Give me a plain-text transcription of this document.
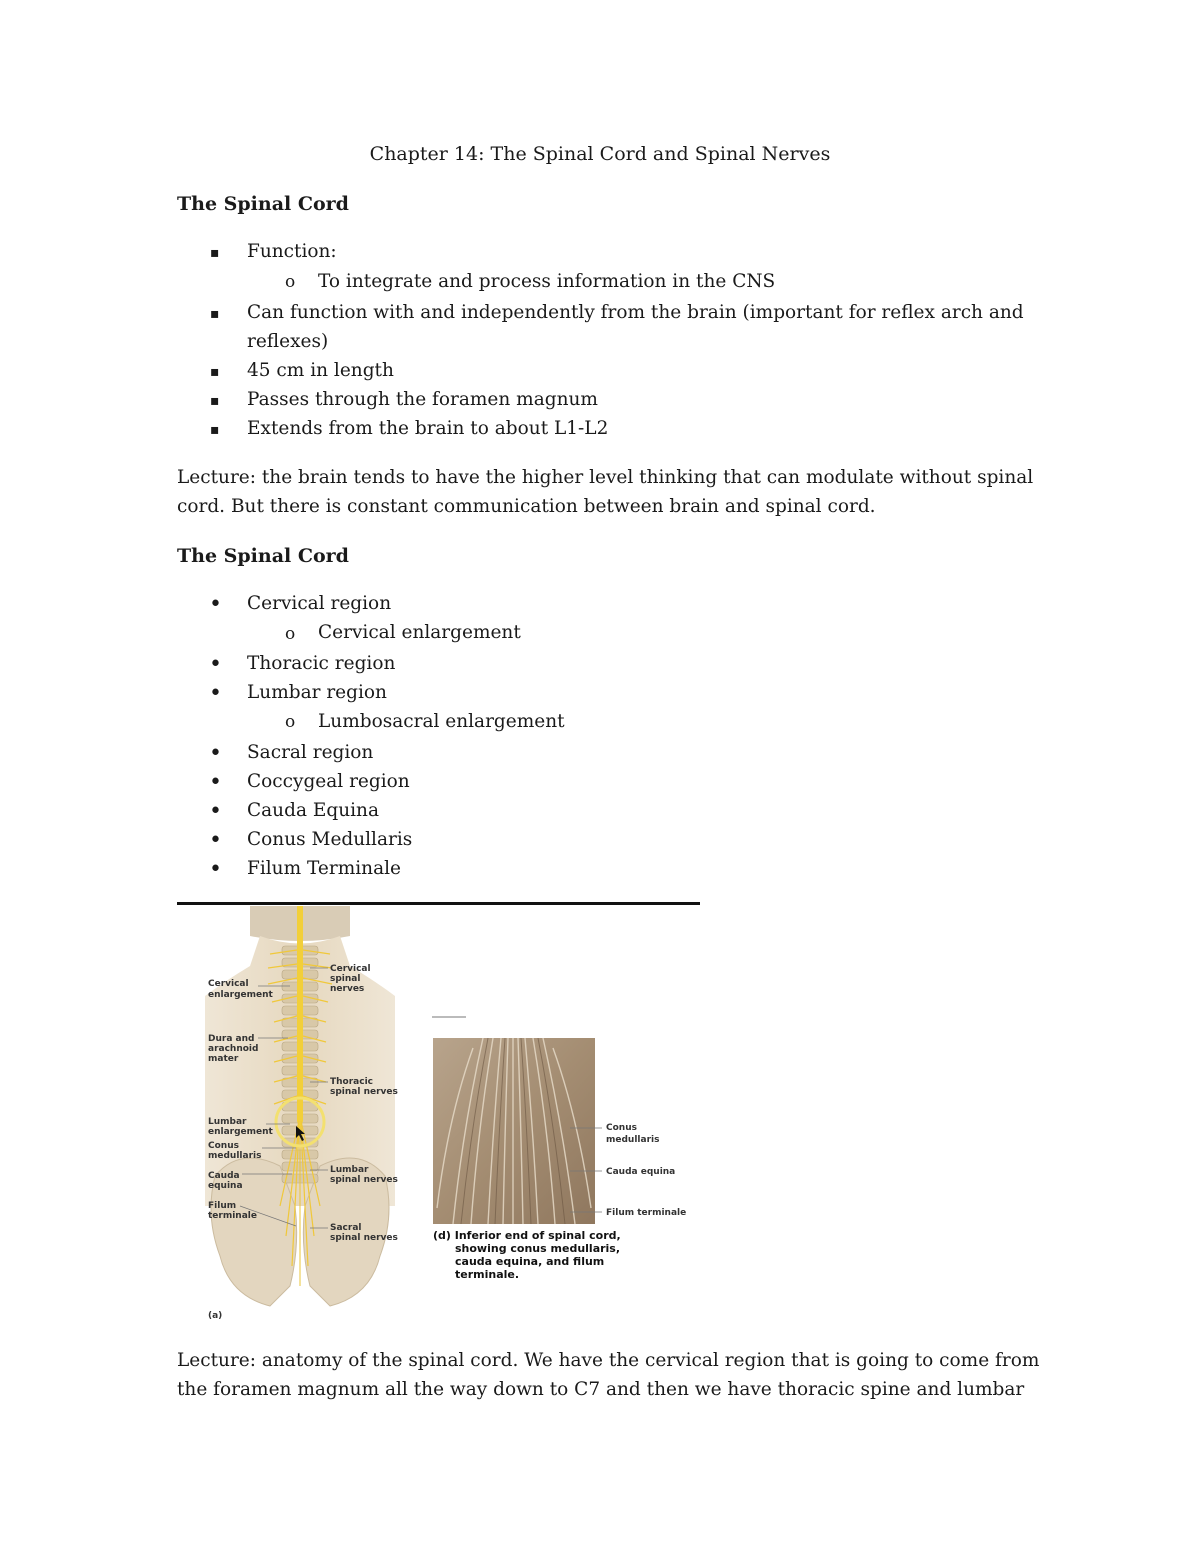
Chapter 14: The Spinal Cord and Spinal Nerves
The Spinal Cord
▪ Function:
o To integrate and process information in the CNS
▪ Can function with and independently from the brain (important for reflex arch and
reflexes)
▪ 45 cm in length
▪ Passes through the foramen magnum
▪ Extends from the brain to about L1-L2
Lecture: the brain tends to have the higher level thinking that can modulate without spinal
cord. But there is constant communication between brain and spinal cord.
The Spinal Cord
• Cervical region
o Cervical enlargement
• Thoracic region
• Lumbar region
o Lumbosacral enlargement
• Sacral region
• Coccygeal region
• Cauda Equina
• Conus Medullaris
• Filum Terminale
Cervical
enlargement
Dura and
arachnoid
mater
Lumbar
enlargement
Conus
medullaris
Cauda
equina
Filum
terminale
(a)
Cervical
spinal
nerves
Thoracic
spinal nerves
Lumbar
spinal nerves
Sacral
spinal nerves
Conus
medullaris
Cauda equina
Filum terminale
(d) Inferior end of spinal cord,
showing conus medullaris,
cauda equina, and filum
terminale.
Lecture: anatomy of the spinal cord. We have the cervical region that is going to come from
the foramen magnum all the way down to C7 and then we have thoracic spine and lumbar
